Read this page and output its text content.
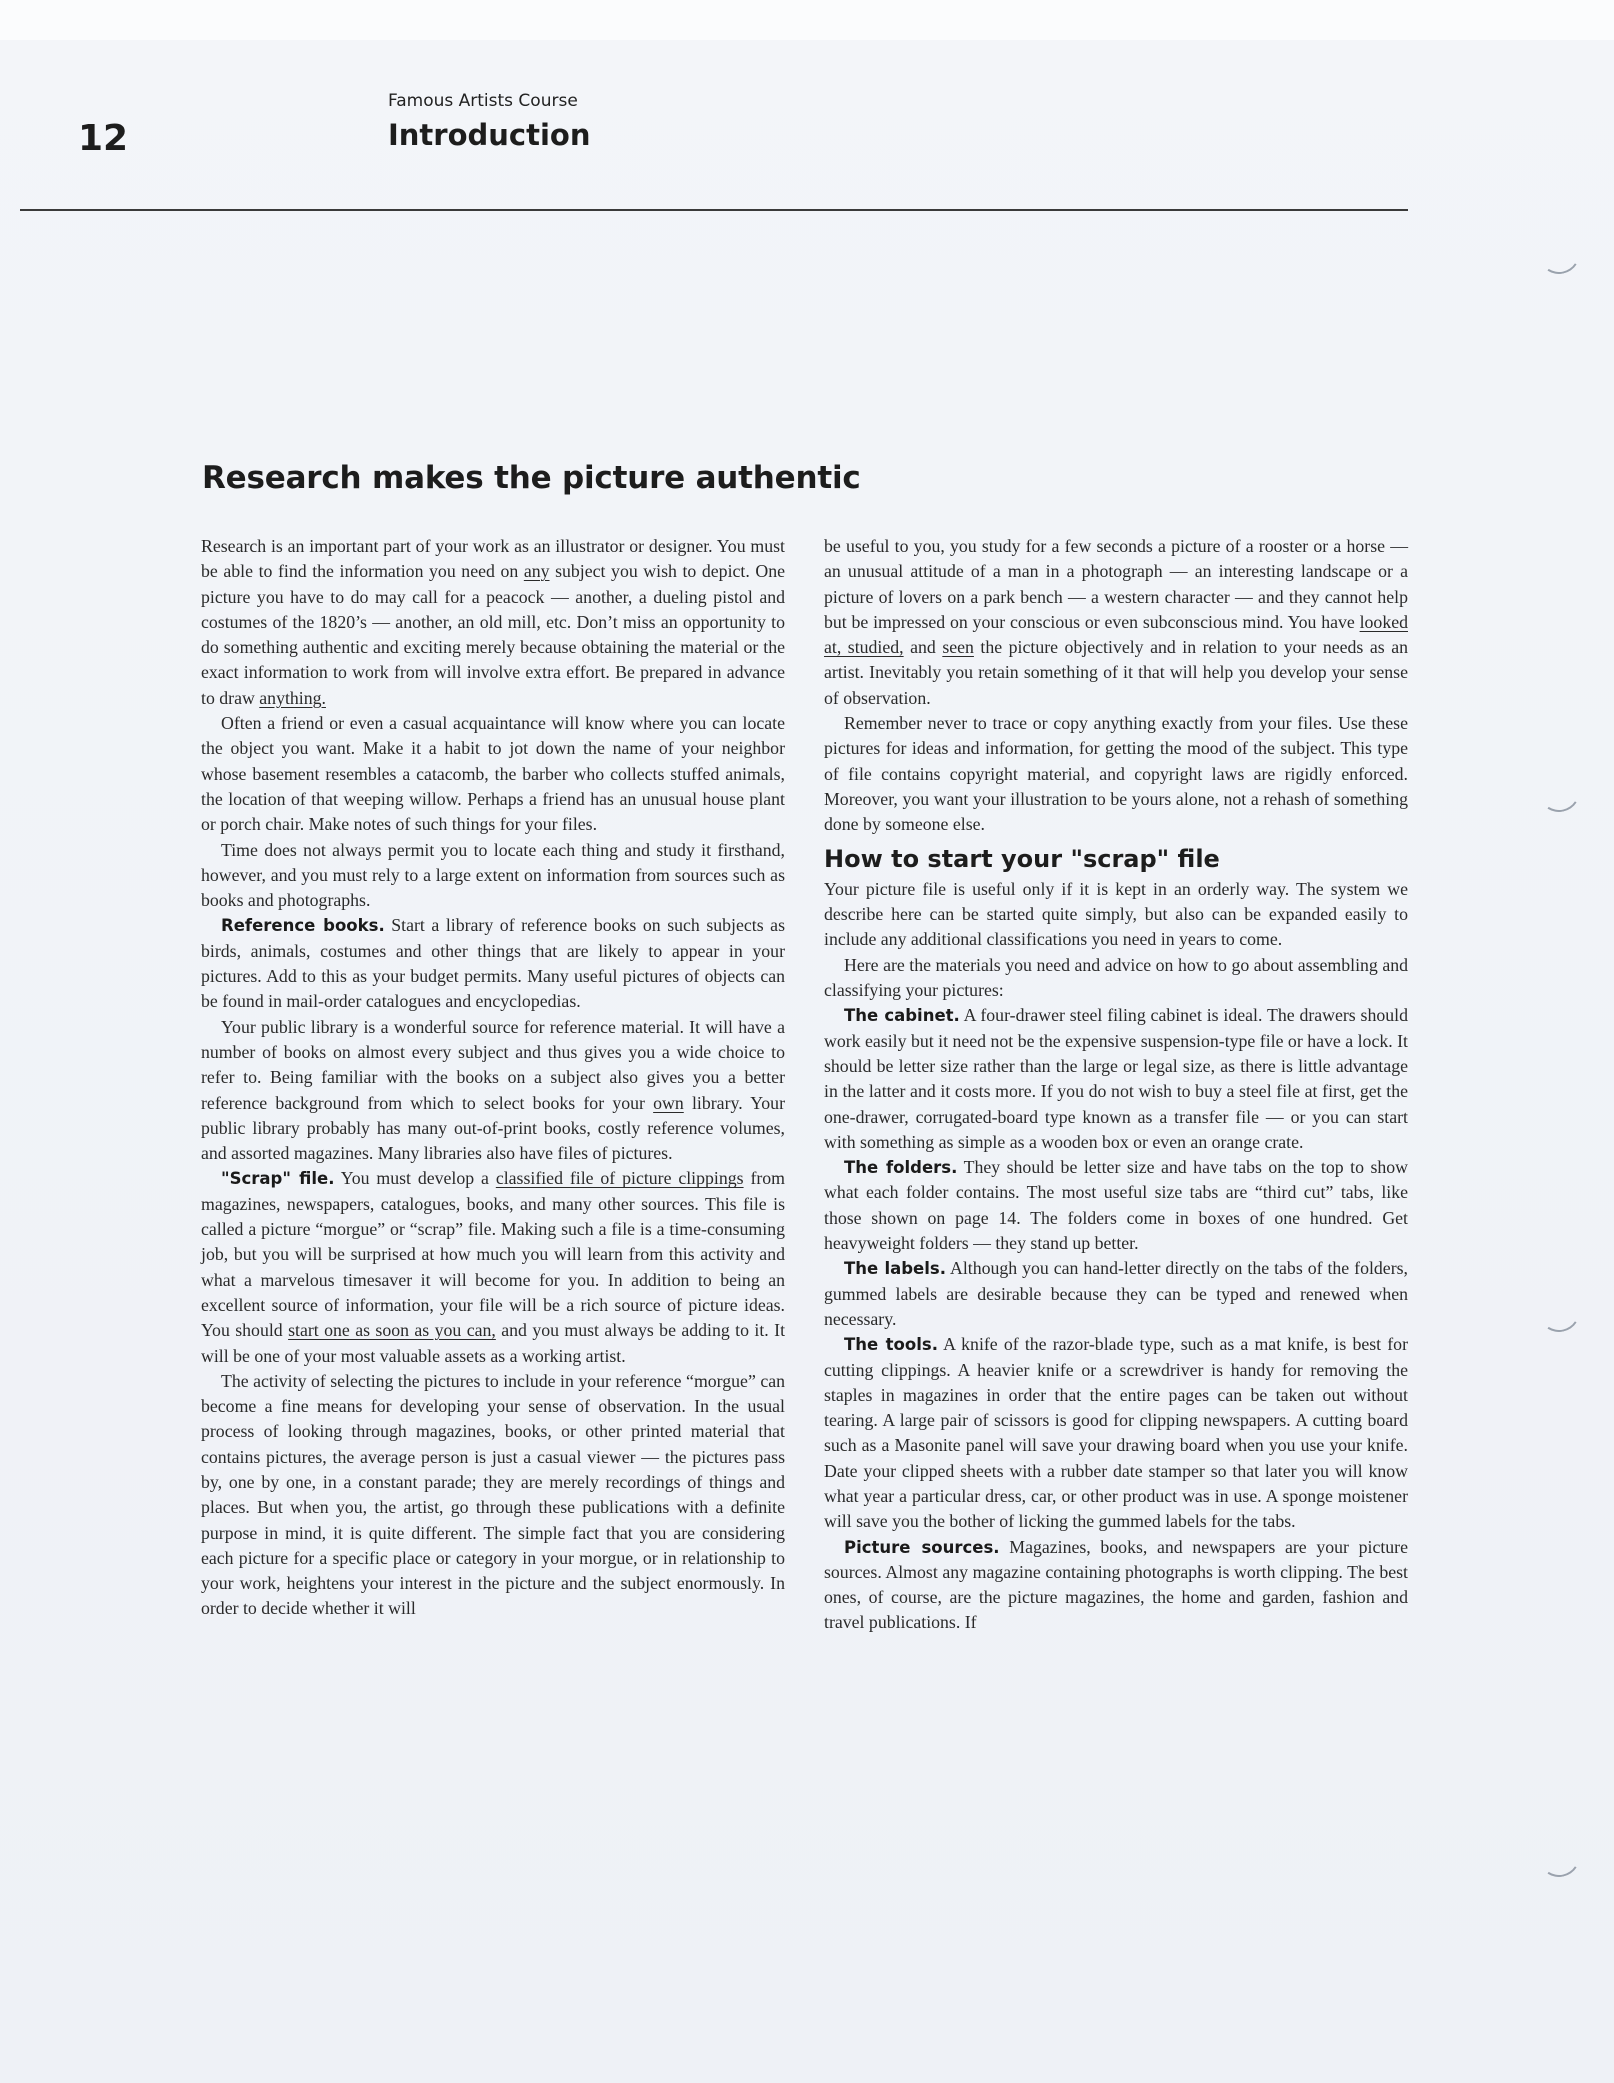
12
Famous Artists Course
Introduction
Research makes the picture authentic

Research is an important part of your work as an illustrator or designer. You must be able to find the information you need on any subject you wish to depict. One picture you have to do may call for a peacock — another, a dueling pistol and costumes of the 1820’s — another, an old mill, etc. Don’t miss an opportunity to do something authentic and exciting merely because obtaining the material or the exact information to work from will involve extra effort. Be prepared in advance to draw anything.

Often a friend or even a casual acquaintance will know where you can locate the object you want. Make it a habit to jot down the name of your neighbor whose basement resembles a catacomb, the barber who collects stuffed animals, the location of that weeping willow. Perhaps a friend has an unusual house plant or porch chair. Make notes of such things for your files.

Time does not always permit you to locate each thing and study it firsthand, however, and you must rely to a large extent on information from sources such as books and photographs.

Reference books. Start a library of reference books on such subjects as birds, animals, costumes and other things that are likely to appear in your pictures. Add to this as your budget permits. Many useful pictures of objects can be found in mail-order catalogues and encyclopedias.

Your public library is a wonderful source for reference material. It will have a number of books on almost every subject and thus gives you a wide choice to refer to. Being familiar with the books on a subject also gives you a better reference background from which to select books for your own library. Your public library probably has many out-of-print books, costly reference volumes, and assorted magazines. Many libraries also have files of pictures.

"Scrap" file. You must develop a classified file of picture clippings from magazines, newspapers, catalogues, books, and many other sources. This file is called a picture “morgue” or “scrap” file. Making such a file is a time-consuming job, but you will be surprised at how much you will learn from this activity and what a marvelous timesaver it will become for you. In addition to being an excellent source of information, your file will be a rich source of picture ideas. You should start one as soon as you can, and you must always be adding to it. It will be one of your most valuable assets as a working artist.

The activity of selecting the pictures to include in your reference “morgue” can become a fine means for developing your sense of observation. In the usual process of looking through magazines, books, or other printed material that contains pictures, the average person is just a casual viewer — the pictures pass by, one by one, in a constant parade; they are merely recordings of things and places. But when you, the artist, go through these publications with a definite purpose in mind, it is quite different. The simple fact that you are considering each picture for a specific place or category in your morgue, or in relationship to your work, heightens your interest in the picture and the subject enormously. In order to decide whether it will

be useful to you, you study for a few seconds a picture of a rooster or a horse — an unusual attitude of a man in a photograph — an interesting landscape or a picture of lovers on a park bench — a western character — and they cannot help but be impressed on your conscious or even subconscious mind. You have looked at, studied, and seen the picture objectively and in relation to your needs as an artist. Inevitably you retain something of it that will help you develop your sense of observation.

Remember never to trace or copy anything exactly from your files. Use these pictures for ideas and information, for getting the mood of the subject. This type of file contains copyright material, and copyright laws are rigidly enforced. Moreover, you want your illustration to be yours alone, not a rehash of something done by someone else.

How to start your "scrap" file

Your picture file is useful only if it is kept in an orderly way. The system we describe here can be started quite simply, but also can be expanded easily to include any additional classifications you need in years to come.

Here are the materials you need and advice on how to go about assembling and classifying your pictures:

The cabinet. A four-drawer steel filing cabinet is ideal. The drawers should work easily but it need not be the expensive suspension-type file or have a lock. It should be letter size rather than the large or legal size, as there is little advantage in the latter and it costs more. If you do not wish to buy a steel file at first, get the one-drawer, corrugated-board type known as a transfer file — or you can start with something as simple as a wooden box or even an orange crate.

The folders. They should be letter size and have tabs on the top to show what each folder contains. The most useful size tabs are “third cut” tabs, like those shown on page 14. The folders come in boxes of one hundred. Get heavyweight folders — they stand up better.

The labels. Although you can hand-letter directly on the tabs of the folders, gummed labels are desirable because they can be typed and renewed when necessary.

The tools. A knife of the razor-blade type, such as a mat knife, is best for cutting clippings. A heavier knife or a screwdriver is handy for removing the staples in magazines in order that the entire pages can be taken out without tearing. A large pair of scissors is good for clipping newspapers. A cutting board such as a Masonite panel will save your drawing board when you use your knife. Date your clipped sheets with a rubber date stamper so that later you will know what year a particular dress, car, or other product was in use. A sponge moistener will save you the bother of licking the gummed labels for the tabs.

Picture sources. Magazines, books, and newspapers are your picture sources. Almost any magazine containing photographs is worth clipping. The best ones, of course, are the picture magazines, the home and garden, fashion and travel publications. If
